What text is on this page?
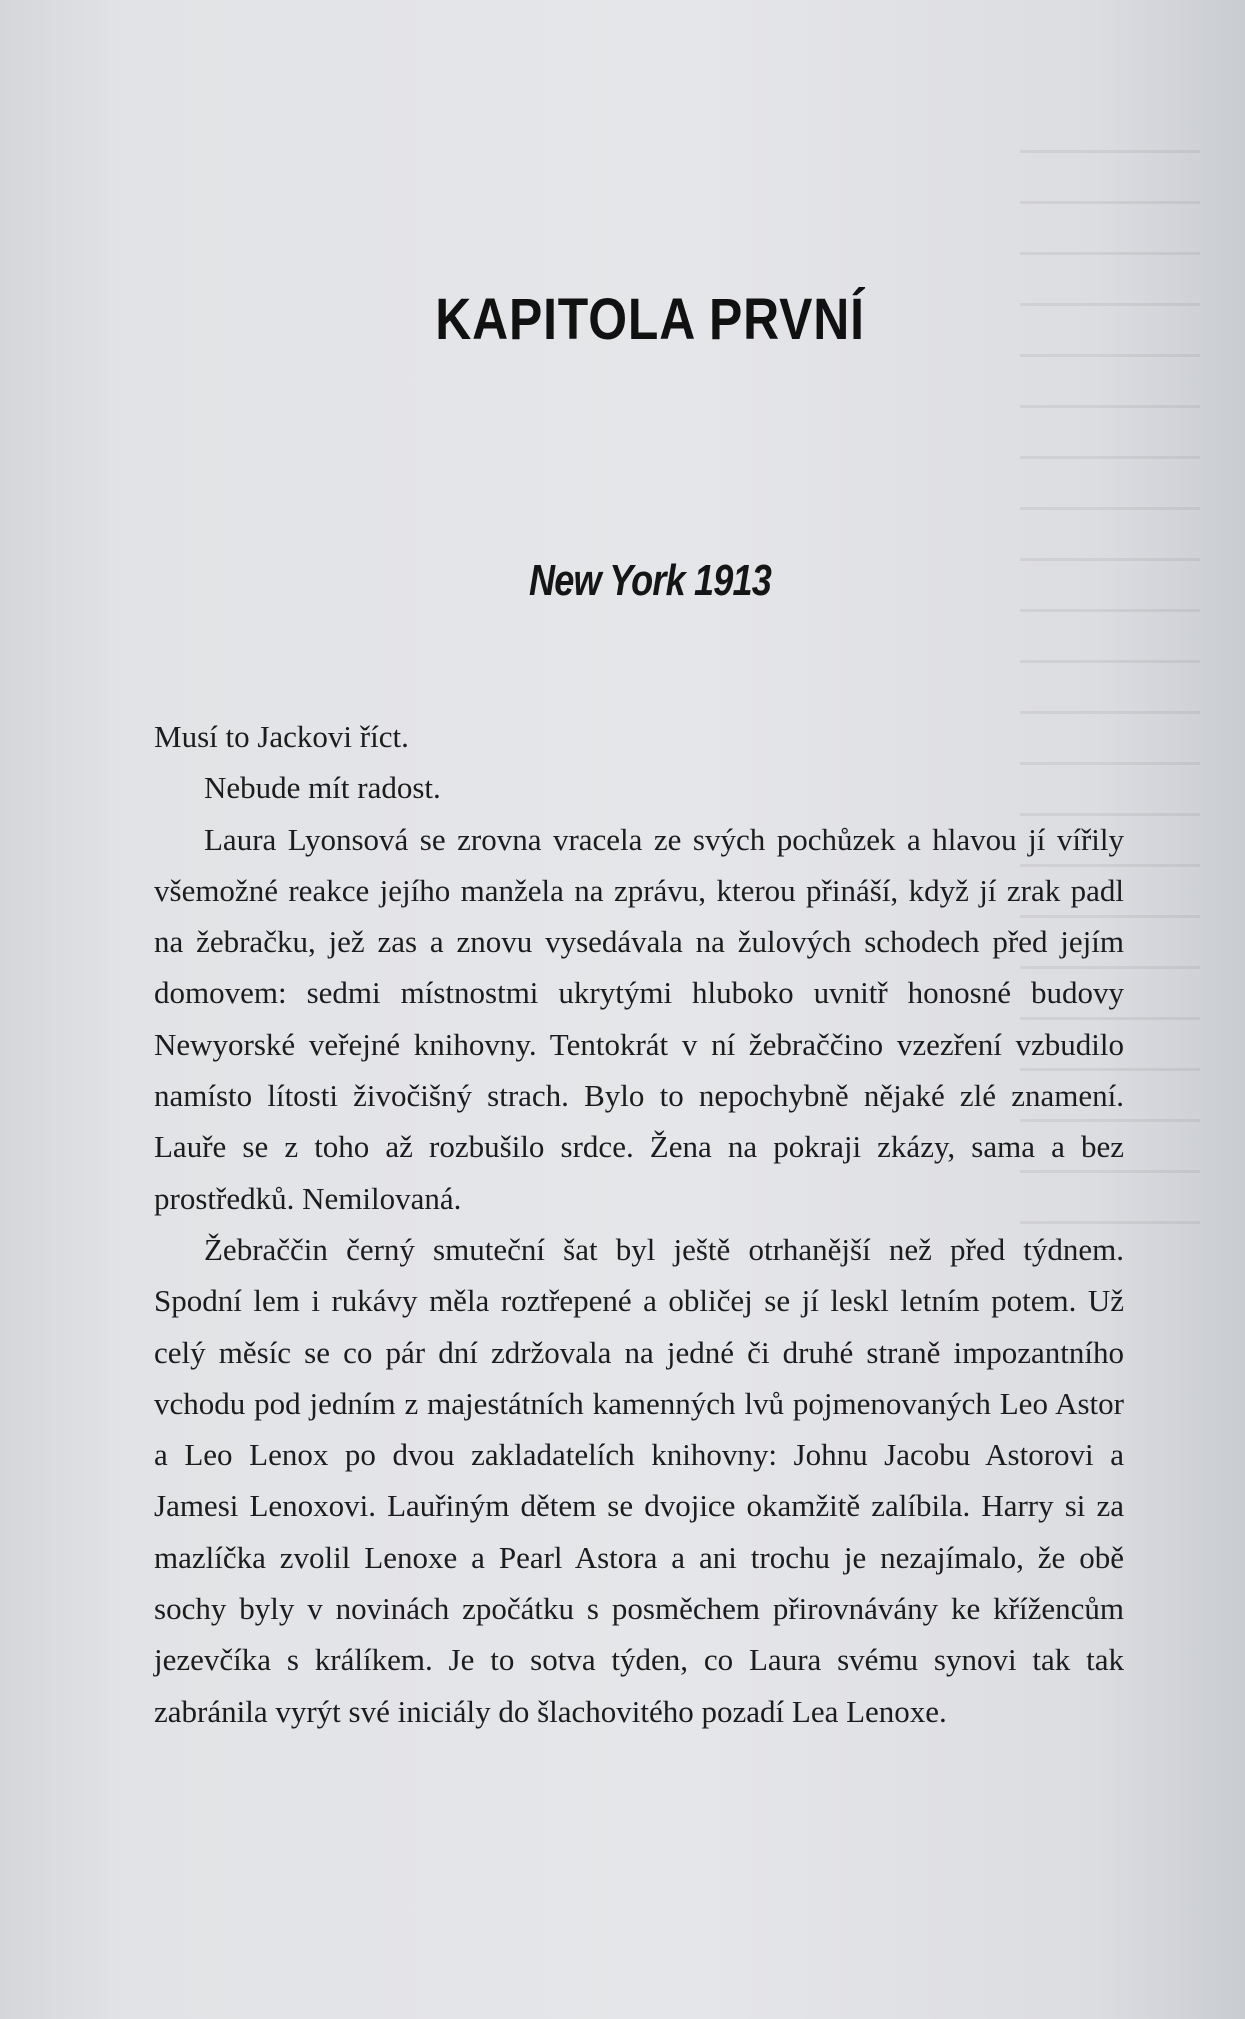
KAPITOLA PRVNÍ
New York 1913

Musí to Jackovi říct.

Nebude mít radost.

Laura Lyonsová se zrovna vracela ze svých pochůzek a hlavou jí vířily všemožné reakce jejího manžela na zprávu, kterou přináší, když jí zrak padl na žebračku, jež zas a znovu vysedávala na žulových schodech před jejím domovem: sedmi místnostmi ukrytými hluboko uvnitř honosné budovy Newyorské veřejné knihovny. Tentokrát v ní žebraččino vzezření vzbudilo namísto lítosti živočišný strach. Bylo to nepochybně nějaké zlé znamení. Lauře se z toho až rozbušilo srdce. Žena na pokraji zkázy, sama a bez prostředků. Nemilovaná.

Žebraččin černý smuteční šat byl ještě otrhanější než před týdnem. Spodní lem i rukávy měla roztřepené a obličej se jí leskl letním potem. Už celý měsíc se co pár dní zdržovala na jedné či druhé straně impozantního vchodu pod jedním z majestátních kamenných lvů pojmenovaných Leo Astor a Leo Lenox po dvou zakladatelích knihovny: Johnu Jacobu Astorovi a Jamesi Lenoxovi. Lauřiným dětem se dvojice okamžitě zalíbila. Harry si za mazlíčka zvolil Lenoxe a Pearl Astora a ani trochu je nezajímalo, že obě sochy byly v novinách zpočátku s posměchem přirovnávány ke křížencům jezevčíka s králíkem. Je to sotva týden, co Laura svému synovi tak tak zabránila vyrýt své iniciály do šlachovitého pozadí Lea Lenoxe.
